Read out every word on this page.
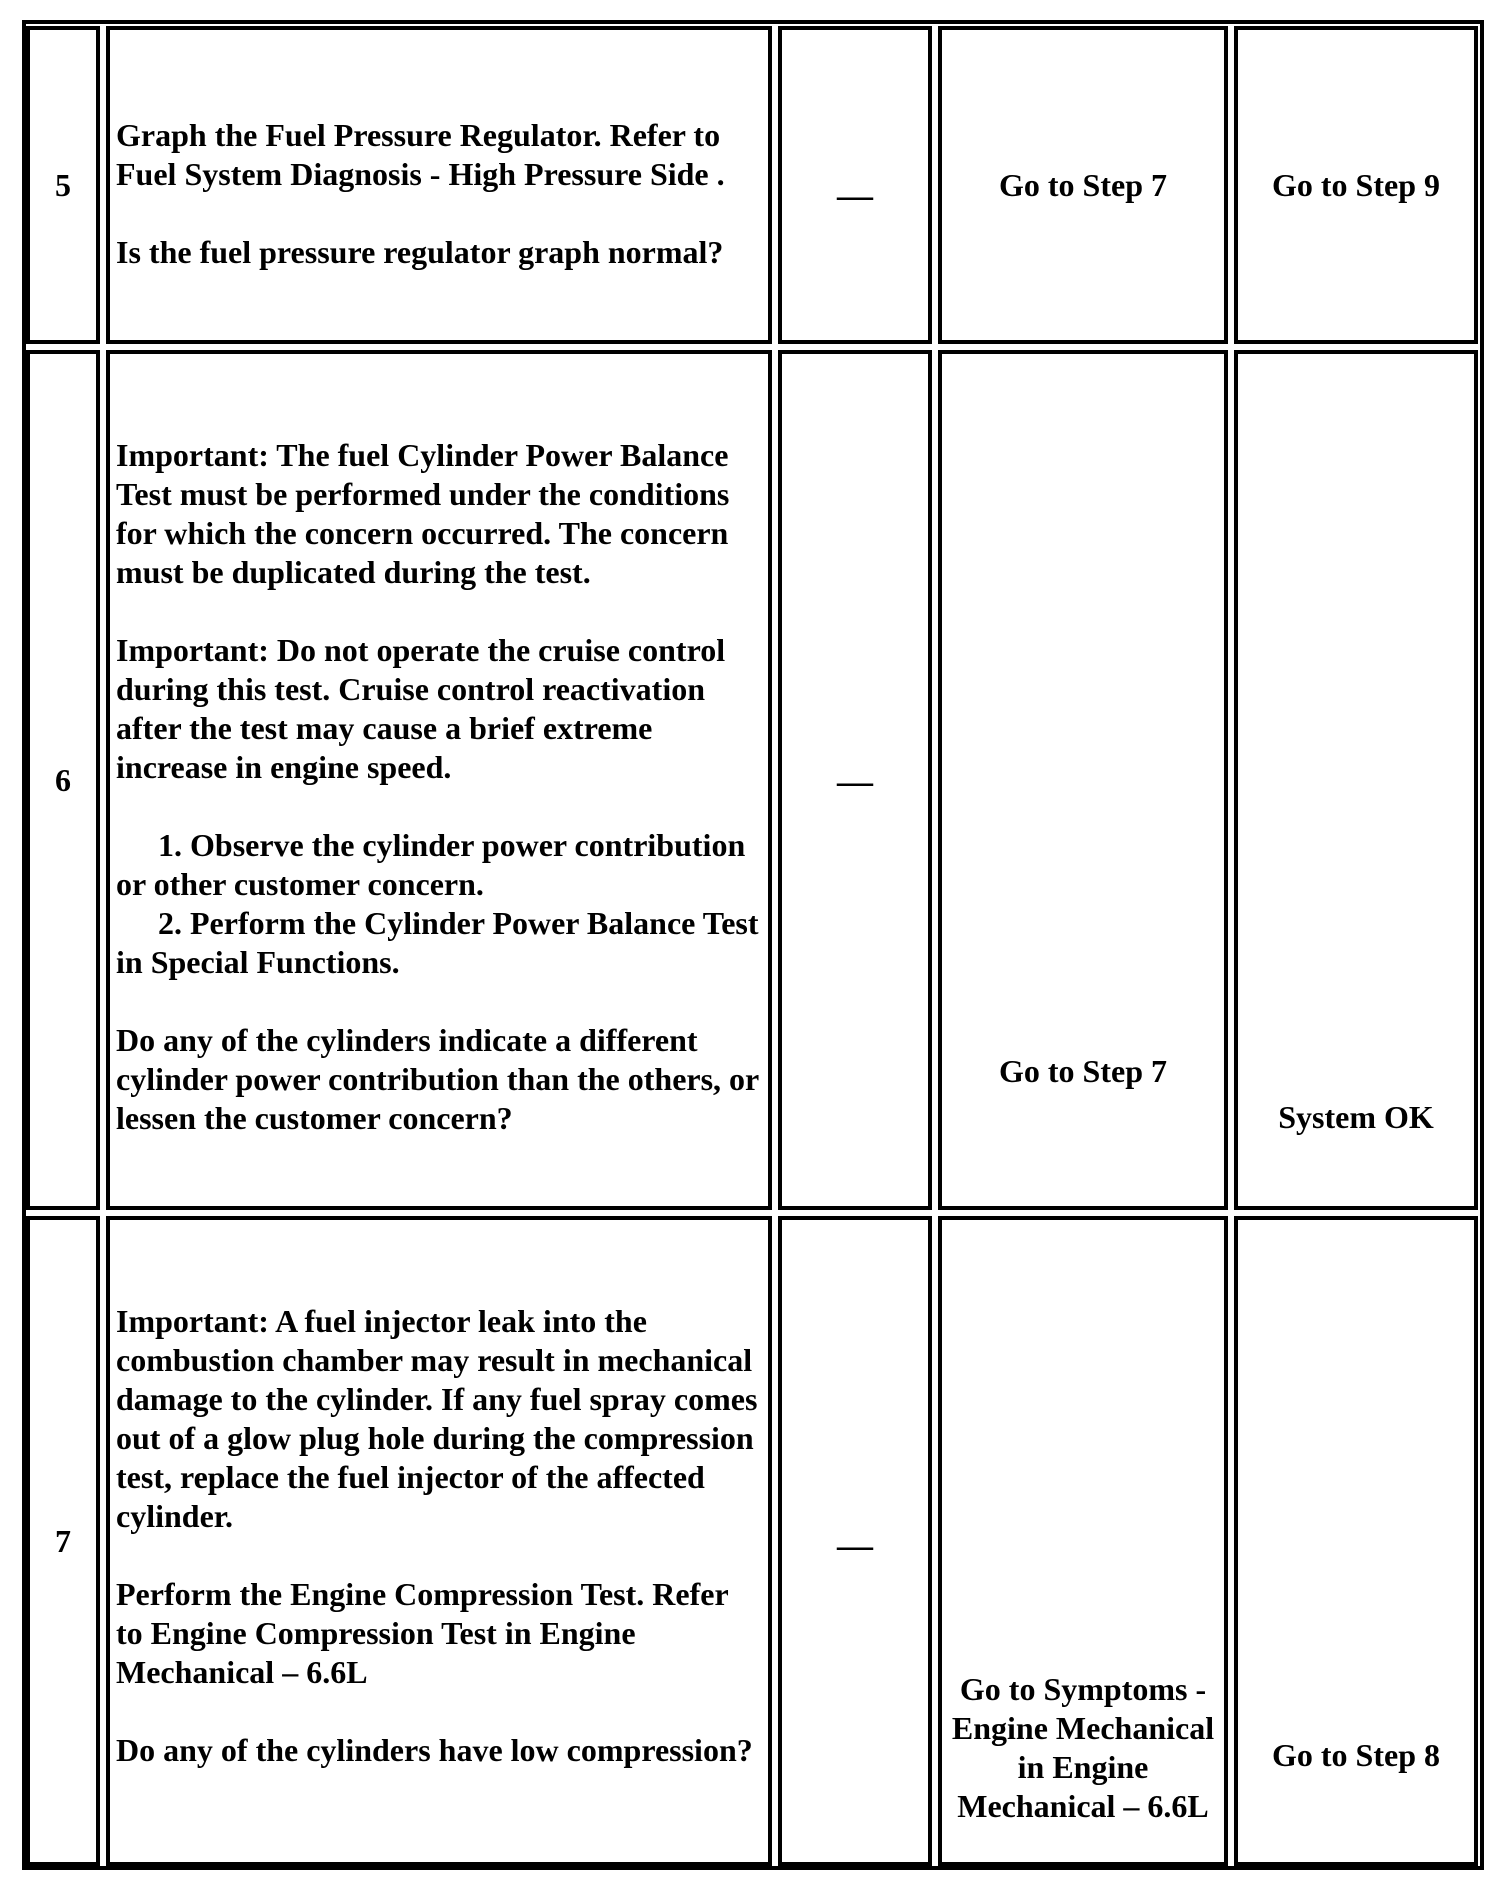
5

Graph the Fuel Pressure Regulator. Refer to Fuel System Diagnosis - High Pressure Side .

Is the fuel pressure regulator graph normal?

—	Go to Step 7	Go to Step 9
6

Important: The fuel Cylinder Power Balance Test must be performed under the conditions for which the concern occurred. The concern must be duplicated during the test.

Important: Do not operate the cruise control during this test. Cruise control reactivation after the test may cause a brief extreme increase in engine speed.

1. Observe the cylinder power contribution or other customer concern.

2. Perform the Cylinder Power Balance Test in Special Functions.

Do any of the cylinders indicate a different cylinder power contribution than the others, or lessen the customer concern?

—
Go to Step 7
System OK
7

Important: A fuel injector leak into the combustion chamber may result in mechanical damage to the cylinder. If any fuel spray comes out of a glow plug hole during the compression test, replace the fuel injector of the affected cylinder.

Perform the Engine Compression Test. Refer to Engine Compression Test in Engine Mechanical – 6.6L

Do any of the cylinders have low compression?

—
Go to Symptoms - Engine Mechanical in Engine Mechanical – 6.6L
Go to Step 8
